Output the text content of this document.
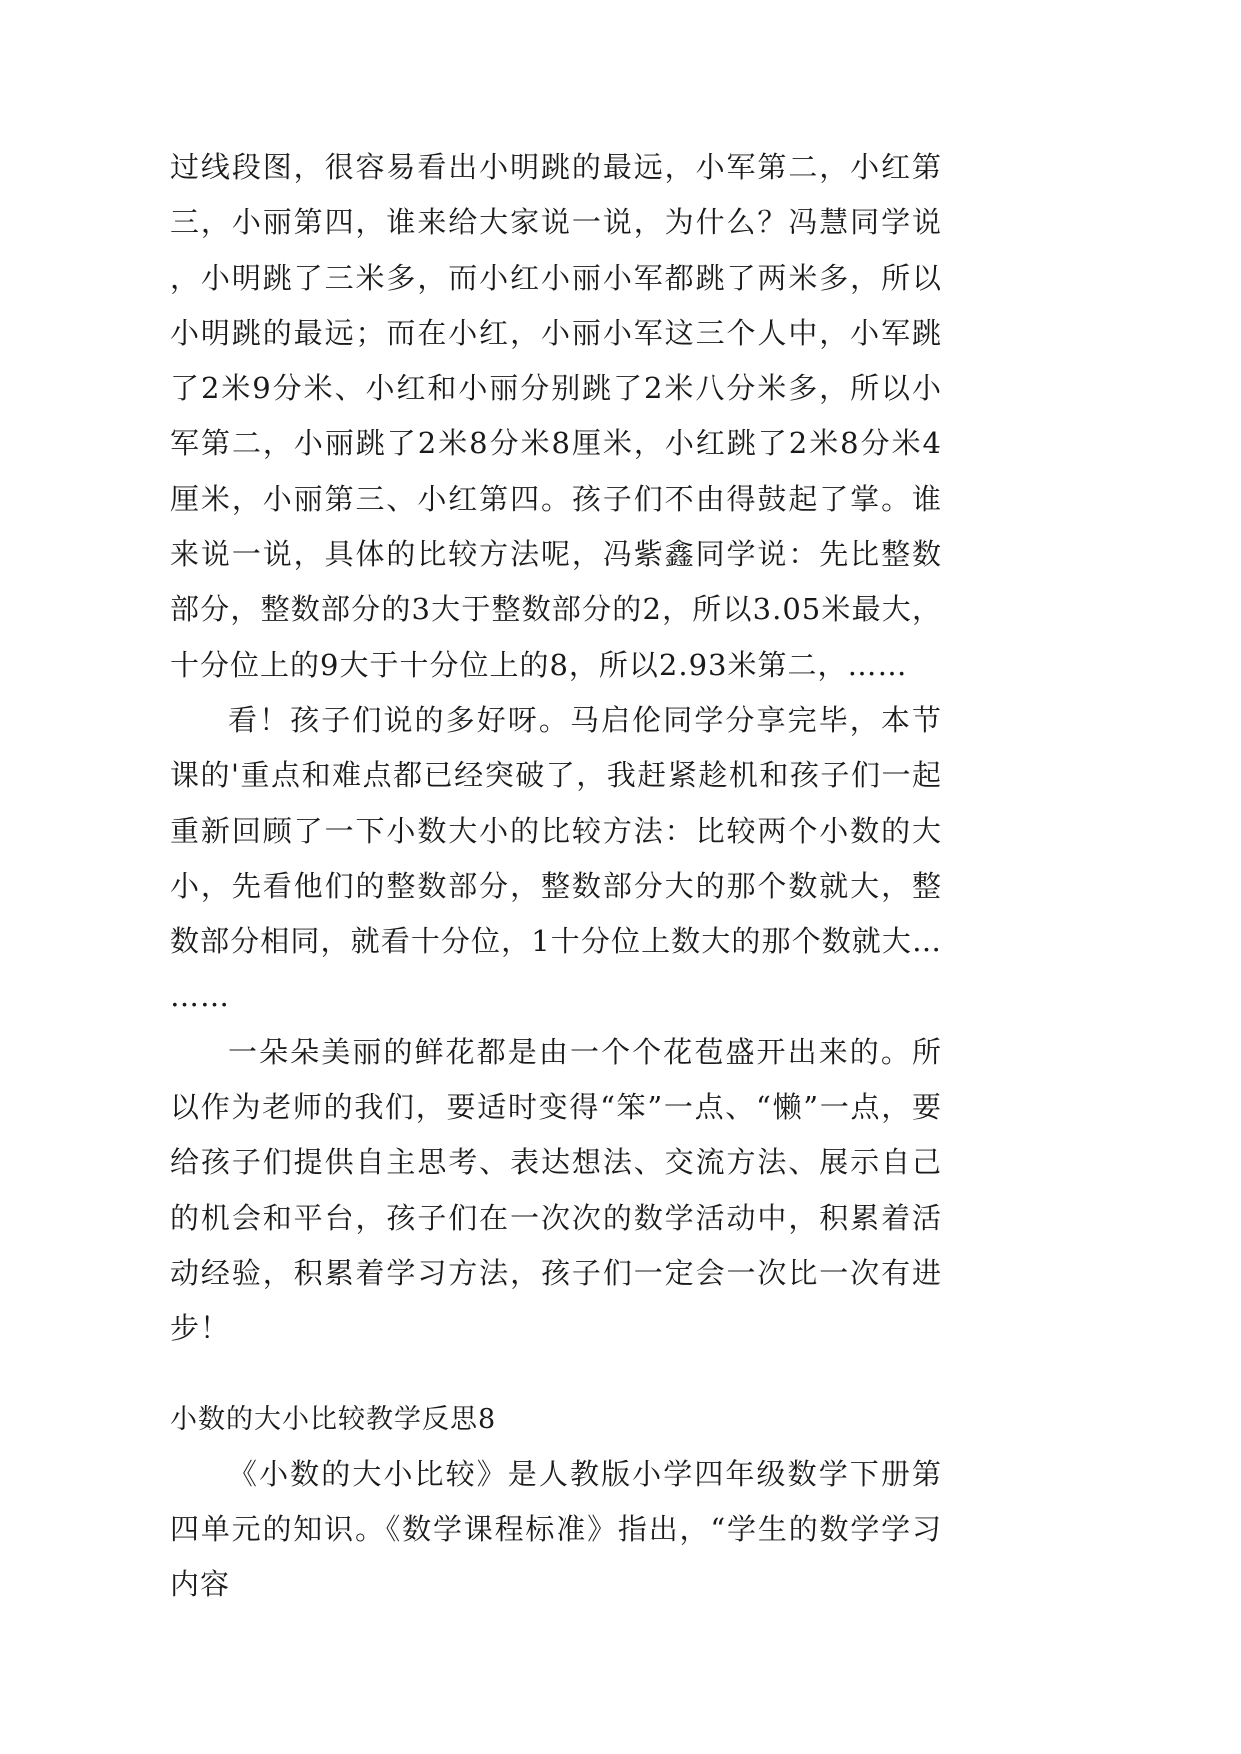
过线段图，很容易看出小明跳的最远，小军第二，小红第三，小丽第四，谁来给大家说一说，为什么？冯慧同学说，小明跳了三米多，而小红小丽小军都跳了两米多，所以小明跳的最远；而在小红，小丽小军这三个人中，小军跳了2米9分米、小红和小丽分别跳了2米八分米多，所以小军第二，小丽跳了2米8分米8厘米，小红跳了2米8分米4厘米，小丽第三、小红第四。孩子们不由得鼓起了掌。谁来说一说，具体的比较方法呢，冯紫鑫同学说：先比整数部分，整数部分的3大于整数部分的2，所以3.05米最大，十分位上的9大于十分位上的8，所以2.93米第二，……

看！孩子们说的多好呀。马启伦同学分享完毕，本节课的'重点和难点都已经突破了，我赶紧趁机和孩子们一起重新回顾了一下小数大小的比较方法：比较两个小数的大小，先看他们的整数部分，整数部分大的那个数就大，整数部分相同，就看十分位，1十分位上数大的那个数就大………

一朵朵美丽的鲜花都是由一个个花苞盛开出来的。所以作为老师的我们，要适时变得“笨”一点、“懒”一点，要给孩子们提供自主思考、表达想法、交流方法、展示自己的机会和平台，孩子们在一次次的数学活动中，积累着活动经验，积累着学习方法，孩子们一定会一次比一次有进步！

小数的大小比较教学反思8

《小数的大小比较》是人教版小学四年级数学下册第四单元的知识。《数学课程标准》指出，“学生的数学学习内容
